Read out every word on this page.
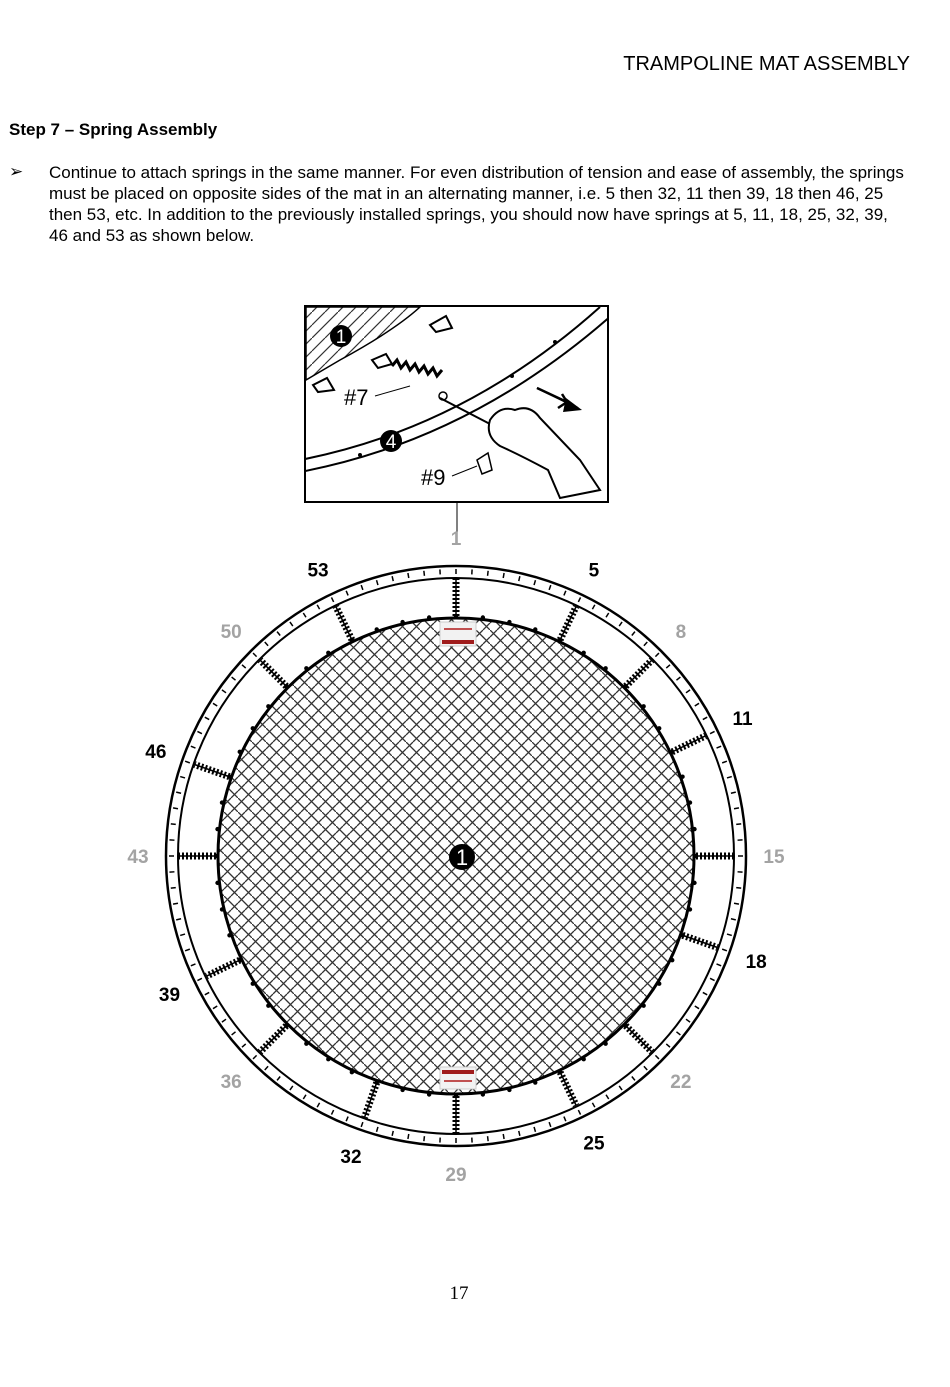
TRAMPOLINE MAT ASSEMBLY
Step 7 – Spring Assembly
➢ Continue to attach springs in the same manner. For even distribution of tension and ease of assembly, the springs must be placed on opposite sides of the mat in an alternating manner, i.e. 5 then 32, 11 then 39, 18 then 46, 25 then 53, etc. In addition to the previously installed springs, you should now have springs at 5, 11, 18, 25, 32, 39, 46 and 53 as shown below.
1
4
#7
#9
1
5
8
11
15
18
22
25
29
32
36
39
43
46
50
53
1
17
